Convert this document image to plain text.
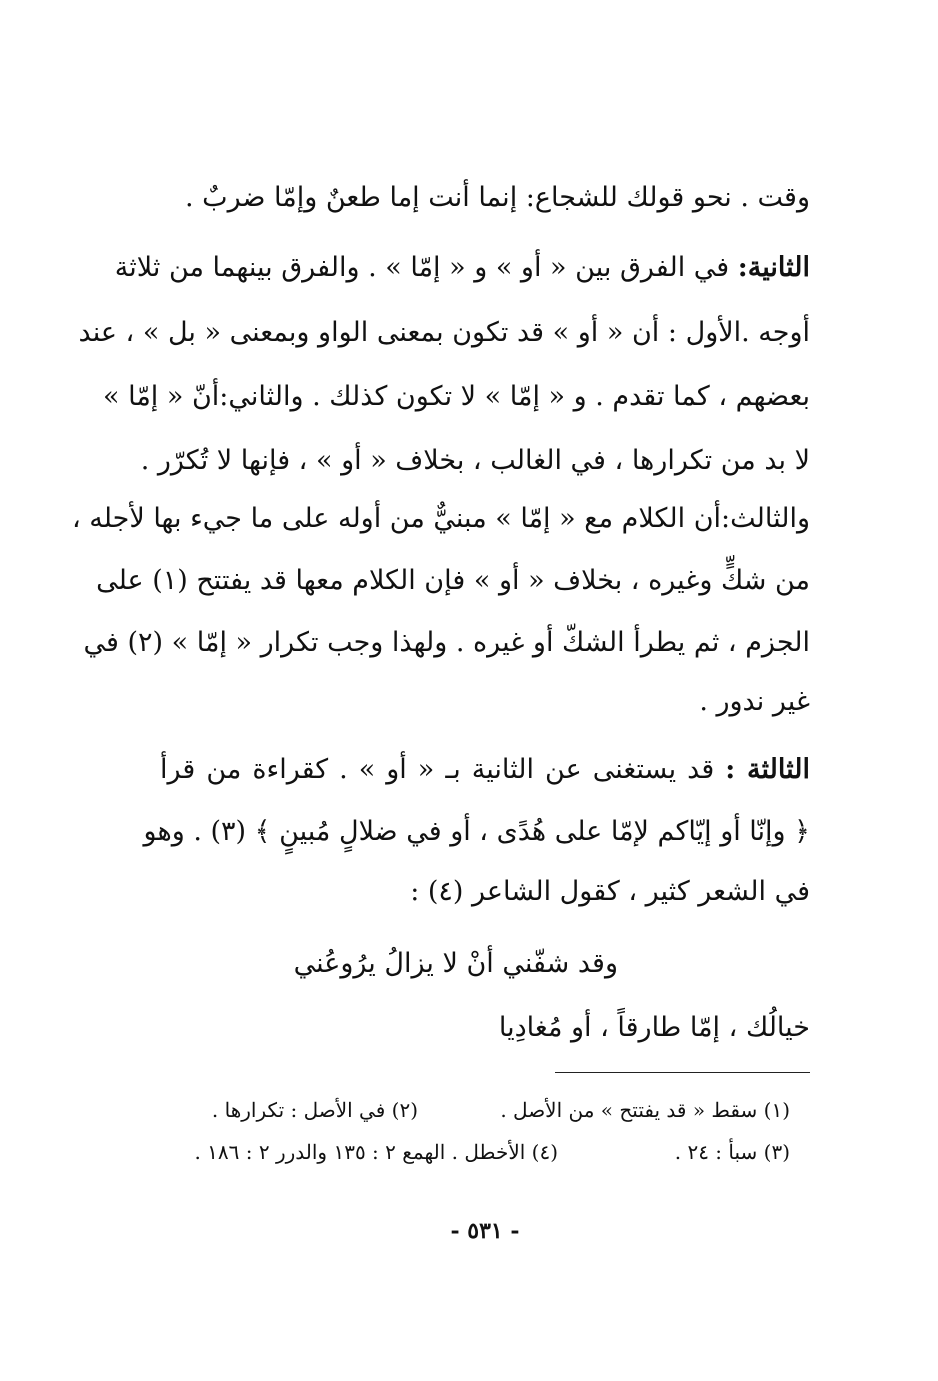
وقت . نحو قولك للشجاع: إنما أنت إما طعنٌ وإمّا ضربٌ .
الثانية: في الفرق بين « أو » و « إمّا » . والفرق بينهما من ثلاثة
أوجه .الأول : أن « أو » قد تكون بمعنى الواو وبمعنى « بل » ، عند
بعضهم ، كما تقدم . و « إمّا » لا تكون كذلك . والثاني:أنّ « إمّا »
لا بد من تكرارها ، في الغالب ، بخلاف « أو » ، فإنها لا تُكرّر .
والثالث:أن الكلام مع « إمّا » مبنيٌّ من أوله على ما جيء بها لأجله ،
من شكٍّ وغيره ، بخلاف « أو » فإن الكلام معها قد يفتتح (١) على
الجزم ، ثم يطرأ الشكّ أو غيره . ولهذا وجب تكرار « إمّا » (٢) في
غير ندور .
الثالثة : قد يستغنى عن الثانية بـ « أو » . كقراءة من قرأ
﴿ وإنّا أو إيّاكم لإمّا على هُدًى ، أو في ضلالٍ مُبينٍ ﴾ (٣) . وهو
في الشعر كثير ، كقول الشاعر (٤) :
وقد شفّني أنْ لا يزالُ يرُوعُني
خيالُك ، إمّا طارقاً ، أو مُغادِيا
(١) سقط « قد يفتتح » من الأصل .
(٢) في الأصل : تكرارها .
(٣) سبأ : ٢٤ .
(٤) الأخطل . الهمع ٢ : ١٣٥ والدرر ٢ : ١٨٦ .
- ٥٣١ -
